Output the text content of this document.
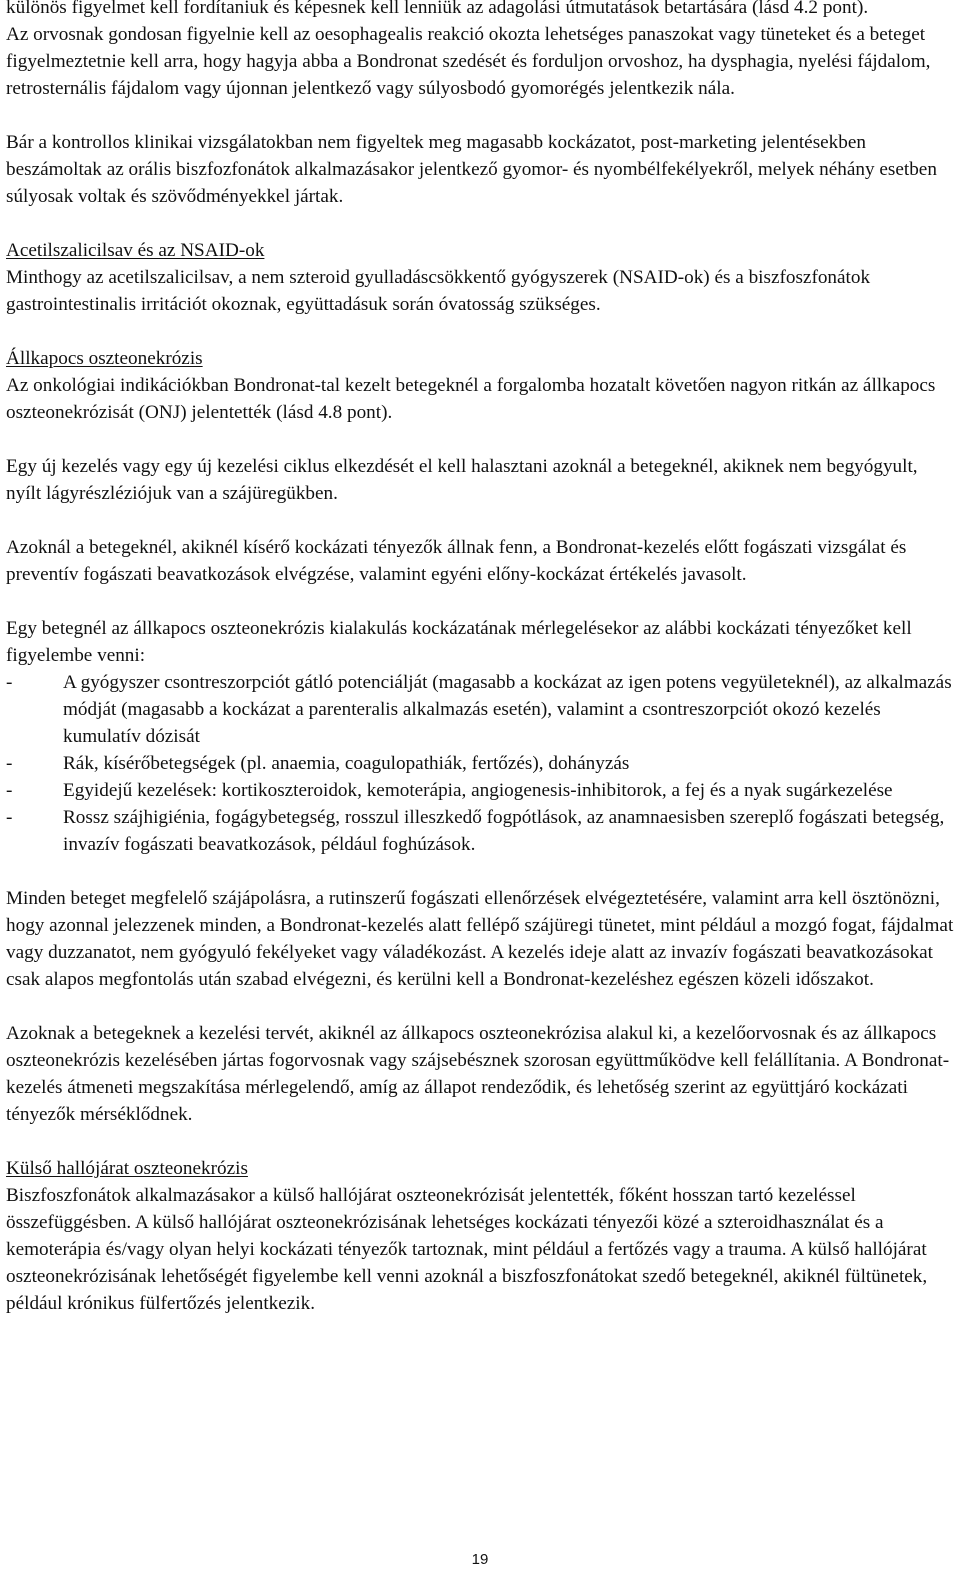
különös figyelmet kell fordítaniuk és képesnek kell lenniük az adagolási útmutatások betartására (lásd 4.2 pont).

Az orvosnak gondosan figyelnie kell az oesophagealis reakció okozta lehetséges panaszokat vagy tüneteket és a beteget figyelmeztetnie kell arra, hogy hagyja abba a Bondronat szedését és forduljon orvoshoz, ha dysphagia, nyelési fájdalom, retrosternális fájdalom vagy újonnan jelentkező vagy súlyosbodó gyomorégés jelentkezik nála.

Bár a kontrollos klinikai vizsgálatokban nem figyeltek meg magasabb kockázatot, post-marketing jelentésekben beszámoltak az orális biszfozfonátok alkalmazásakor jelentkező gyomor- és nyombélfekélyekről, melyek néhány esetben súlyosak voltak és szövődményekkel jártak.

Acetilszalicilsav és az NSAID-ok

Minthogy az acetilszalicilsav, a nem szteroid gyulladáscsökkentő gyógyszerek (NSAID-ok) és a biszfoszfonátok gastrointestinalis irritációt okoznak, együttadásuk során óvatosság szükséges.

Állkapocs oszteonekrózis

Az onkológiai indikációkban Bondronat-tal kezelt betegeknél a forgalomba hozatalt követően nagyon ritkán az állkapocs oszteonekrózisát (ONJ) jelentették (lásd 4.8 pont).

Egy új kezelés vagy egy új kezelési ciklus elkezdését el kell halasztani azoknál a betegeknél, akiknek nem begyógyult, nyílt lágyrészléziójuk van a szájüregükben.

Azoknál a betegeknél, akiknél kísérő kockázati tényezők állnak fenn, a Bondronat-kezelés előtt fogászati vizsgálat és preventív fogászati beavatkozások elvégzése, valamint egyéni előny-kockázat értékelés javasolt.

Egy betegnél az állkapocs oszteonekrózis kialakulás kockázatának mérlegelésekor az alábbi kockázati tényezőket kell figyelembe venni:

-	A gyógyszer csontreszorpciót gátló potenciálját (magasabb a kockázat az igen potens vegyületeknél), az alkalmazás módját (magasabb a kockázat a parenteralis alkalmazás esetén), valamint a csontreszorpciót okozó kezelés kumulatív dózisát
-	Rák, kísérőbetegségek (pl. anaemia, coagulopathiák, fertőzés), dohányzás
-	Egyidejű kezelések: kortikoszteroidok, kemoterápia, angiogenesis-inhibitorok, a fej és a nyak sugárkezelése
-	Rossz szájhigiénia, fogágybetegség, rosszul illeszkedő fogpótlások, az anamnaesisben szereplő fogászati betegség, invazív fogászati beavatkozások, például foghúzások.

Minden beteget megfelelő szájápolásra, a rutinszerű fogászati ellenőrzések elvégeztetésére, valamint arra kell ösztönözni, hogy azonnal jelezzenek minden, a Bondronat-kezelés alatt fellépő szájüregi tünetet, mint például a mozgó fogat, fájdalmat vagy duzzanatot, nem gyógyuló fekélyeket vagy váladékozást. A kezelés ideje alatt az invazív fogászati beavatkozásokat csak alapos megfontolás után szabad elvégezni, és kerülni kell a Bondronat-kezeléshez egészen közeli időszakot.

Azoknak a betegeknek a kezelési tervét, akiknél az állkapocs oszteonekrózisa alakul ki, a kezelőorvosnak és az állkapocs oszteonekrózis kezelésében jártas fogorvosnak vagy szájsebésznek szorosan együttműködve kell felállítania. A Bondronat-kezelés átmeneti megszakítása mérlegelendő, amíg az állapot rendeződik, és lehetőség szerint az együttjáró kockázati tényezők mérséklődnek.

Külső hallójárat oszteonekrózis

Biszfoszfonátok alkalmazásakor a külső hallójárat oszteonekrózisát jelentették, főként hosszan tartó kezeléssel összefüggésben. A külső hallójárat oszteonekrózisának lehetséges kockázati tényezői közé a szteroidhasználat és a kemoterápia és/vagy olyan helyi kockázati tényezők tartoznak, mint például a fertőzés vagy a trauma. A külső hallójárat oszteonekrózisának lehetőségét figyelembe kell venni azoknál a biszfoszfonátokat szedő betegeknél, akiknél fültünetek, például krónikus fülfertőzés jelentkezik.

19
